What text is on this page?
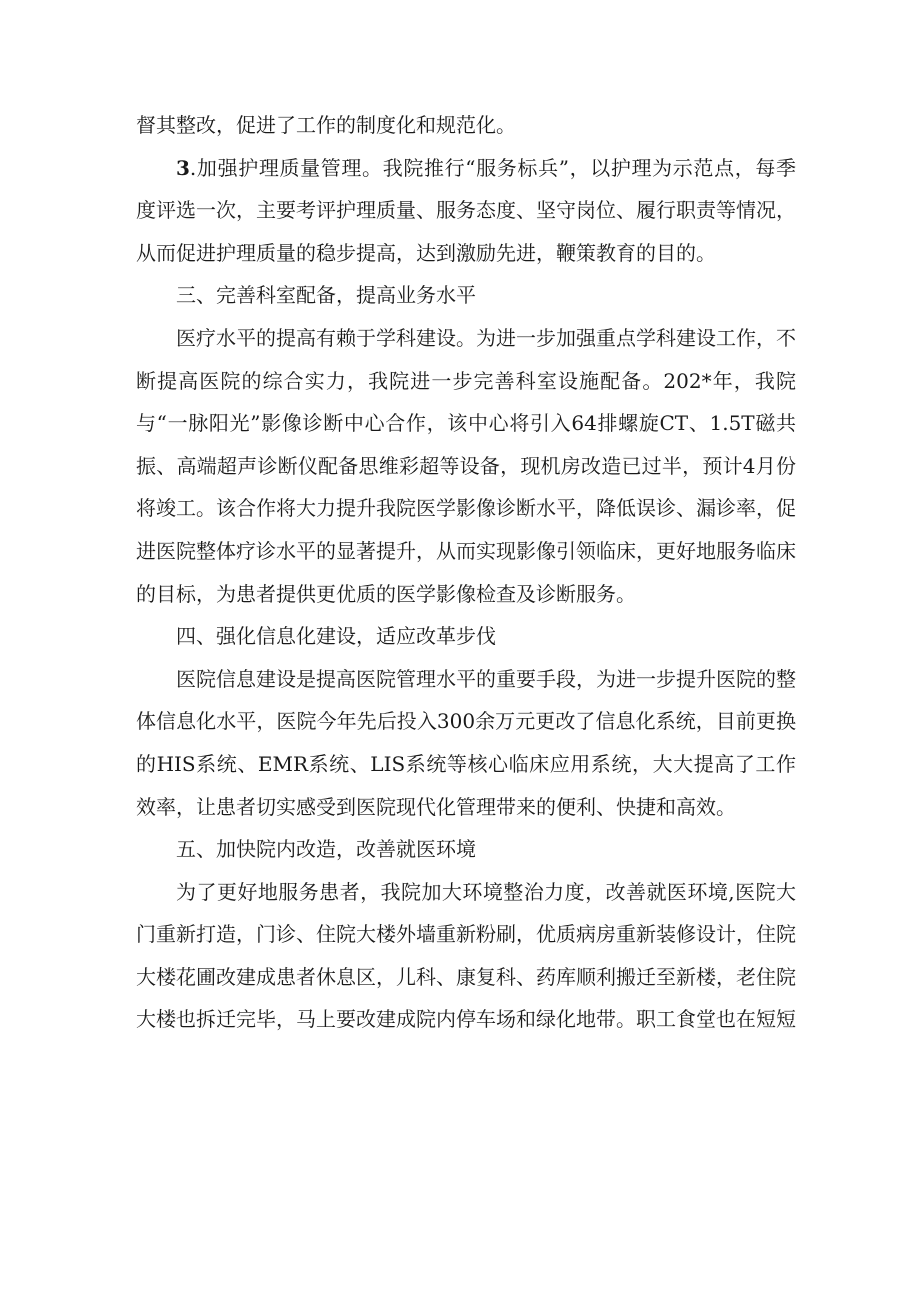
督其整改，促进了工作的制度化和规范化。

3.加强护理质量管理。我院推行“服务标兵”，以护理为示范点，每季度评选一次，主要考评护理质量、服务态度、坚守岗位、履行职责等情况，从而促进护理质量的稳步提高，达到激励先进，鞭策教育的目的。

三、完善科室配备，提高业务水平

医疗水平的提高有赖于学科建设。为进一步加强重点学科建设工作，不断提高医院的综合实力，我院进一步完善科室设施配备。202*年，我院与“一脉阳光”影像诊断中心合作，该中心将引入64排螺旋CT、1.5T磁共振、高端超声诊断仪配备思维彩超等设备，现机房改造已过半，预计4月份将竣工。该合作将大力提升我院医学影像诊断水平，降低误诊、漏诊率，促进医院整体疗诊水平的显著提升，从而实现影像引领临床，更好地服务临床的目标，为患者提供更优质的医学影像检查及诊断服务。

四、强化信息化建设，适应改革步伐

医院信息建设是提高医院管理水平的重要手段，为进一步提升医院的整体信息化水平，医院今年先后投入300余万元更改了信息化系统，目前更换的HIS系统、EMR系统、LIS系统等核心临床应用系统，大大提高了工作效率，让患者切实感受到医院现代化管理带来的便利、快捷和高效。

五、加快院内改造，改善就医环境

为了更好地服务患者，我院加大环境整治力度，改善就医环境,医院大门重新打造，门诊、住院大楼外墙重新粉刷，优质病房重新装修设计，住院大楼花圃改建成患者休息区，儿科、康复科、药库顺利搬迁至新楼，老住院大楼也拆迁完毕，马上要改建成院内停车场和绿化地带。职工食堂也在短短
